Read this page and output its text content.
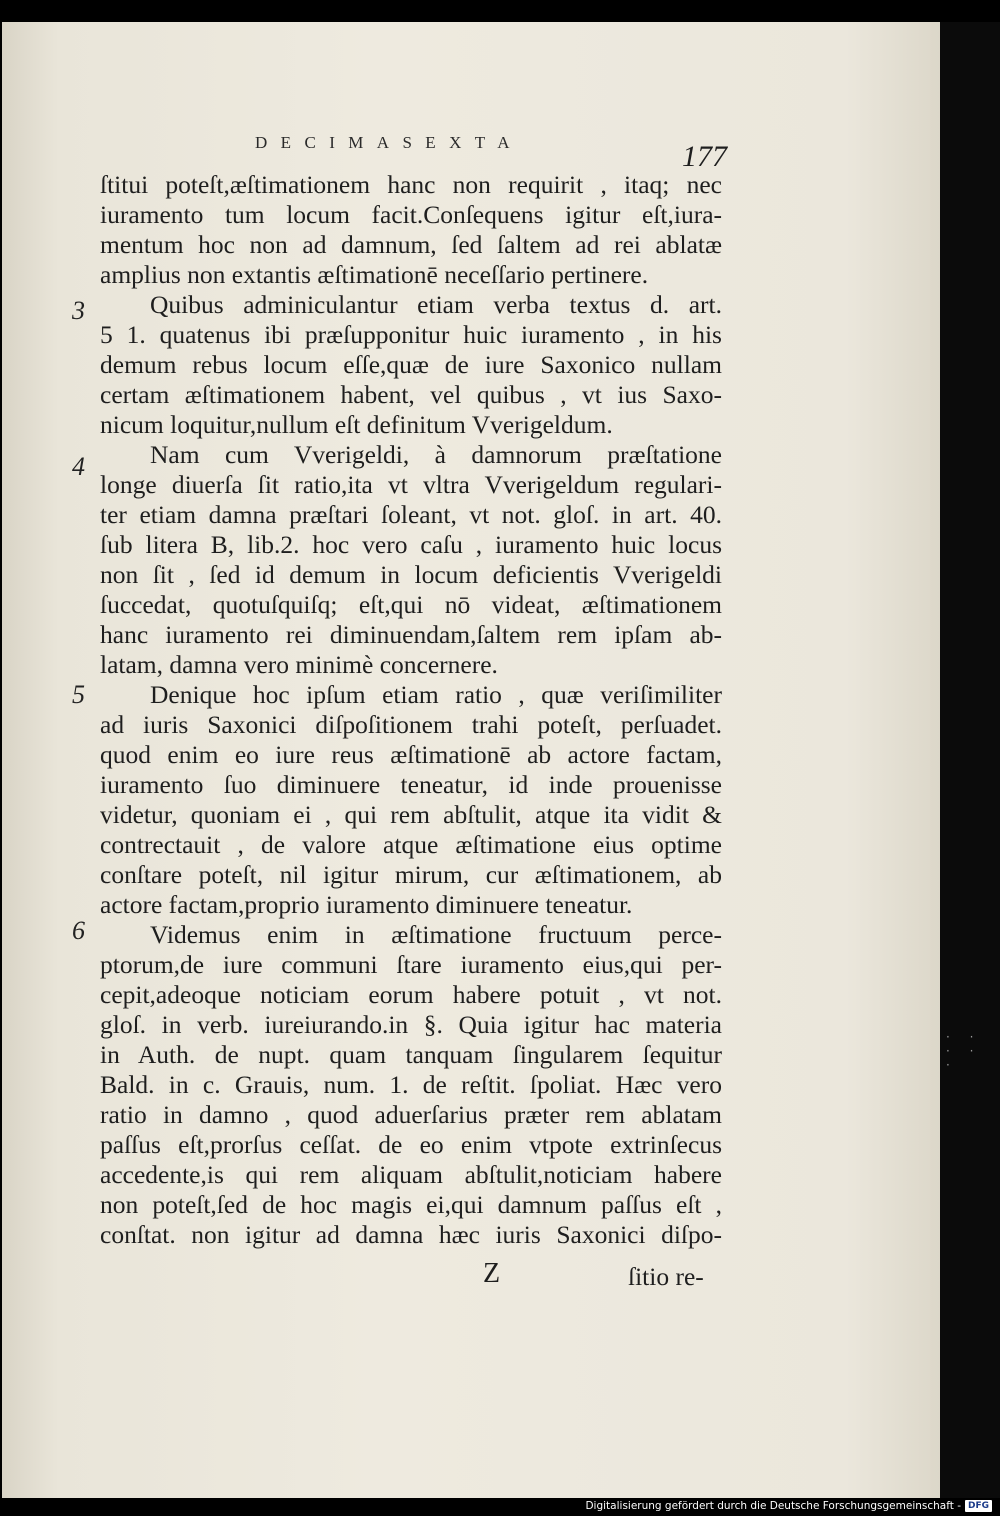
· · · · ·
DECIMASEXTA	177
3
4
5
6
ſtitui poteſt,æſtimationem hanc non requirit , itaq; nec
iuramento tum locum facit.Conſequens igitur eſt,iura-
mentum hoc non ad damnum, ſed ſaltem ad rei ablatæ
amplius non extantis æſtimationē neceſſario pertinere.
Quibus adminiculantur etiam verba textus d. art.
5 1. quatenus ibi præſupponitur huic iuramento , in his
demum rebus locum eſſe,quæ de iure Saxonico nullam
certam æſtimationem habent, vel quibus , vt ius Saxo-
nicum loquitur,nullum eſt definitum Vverigeldum.
Nam cum Vverigeldi, à damnorum præſtatione
longe diuerſa ſit ratio,ita vt vltra Vverigeldum regulari-
ter etiam damna præſtari ſoleant, vt not. gloſ. in art. 40.
ſub litera B, lib.2. hoc vero caſu , iuramento huic locus
non ſit , ſed id demum in locum deficientis Vverigeldi
ſuccedat, quotuſquiſq; eſt,qui nō videat, æſtimationem
hanc iuramento rei diminuendam,ſaltem rem ipſam ab-
latam, damna vero minimè concernere.
Denique hoc ipſum etiam ratio , quæ veriſimiliter
ad iuris Saxonici diſpoſitionem trahi poteſt, perſuadet.
quod enim eo iure reus æſtimationē ab actore factam,
iuramento ſuo diminuere teneatur, id inde prouenisse
videtur, quoniam ei , qui rem abſtulit, atque ita vidit &
contrectauit , de valore atque æſtimatione eius optime
conſtare poteſt, nil igitur mirum, cur æſtimationem, ab
actore factam,proprio iuramento diminuere teneatur.
Videmus enim in æſtimatione fructuum perce-
ptorum,de iure communi ſtare iuramento eius,qui per-
cepit,adeoque noticiam eorum habere potuit , vt not.
gloſ. in verb. iureiurando.in §. Quia igitur hac materia
in Auth. de nupt. quam tanquam ſingularem ſequitur
Bald. in c. Grauis, num. 1. de reſtit. ſpoliat. Hæc vero
ratio in damno , quod aduerſarius præter rem ablatam
paſſus eſt,prorſus ceſſat. de eo enim vtpote extrinſecus
accedente,is qui rem aliquam abſtulit,noticiam habere
non poteſt,ſed de hoc magis ei,qui damnum paſſus eſt ,
conſtat. non igitur ad damna hæc iuris Saxonici diſpo-
Z	ſitio re-
Digitalisierung gefördert durch die Deutsche Forschungsgemeinschaft - DFG
